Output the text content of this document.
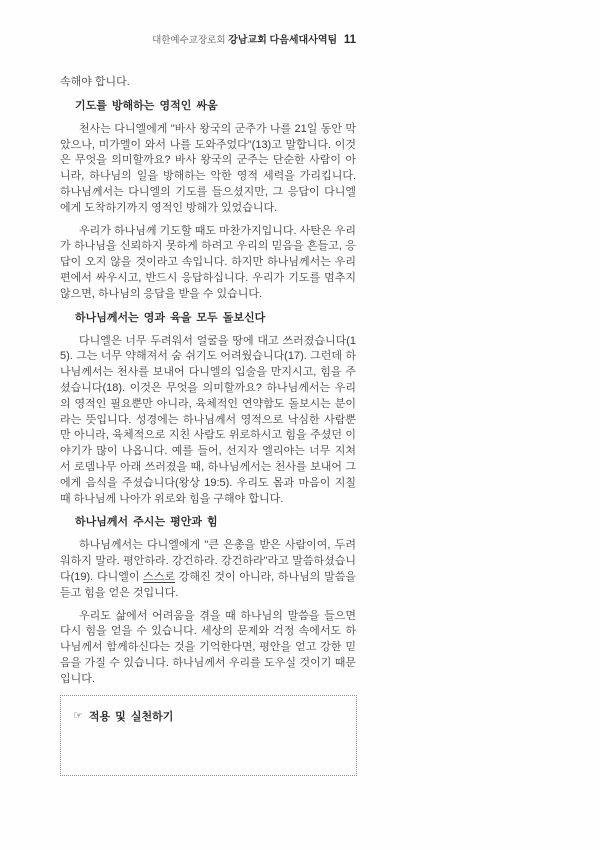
대한예수교장로회 강남교회 다음세대사역팀 11

속해야 합니다.

기도를 방해하는 영적인 싸움

천사는 다니엘에게 "바사 왕국의 군주가 나를 21일 동안 막았으나, 미가엘이 와서 나를 도와주었다"(13)고 말합니다. 이것은 무엇을 의미할까요? 바사 왕국의 군주는 단순한 사람이 아니라, 하나님의 일을 방해하는 악한 영적 세력을 가리킵니다. 하나님께서는 다니엘의 기도를 들으셨지만, 그 응답이 다니엘에게 도착하기까지 영적인 방해가 있었습니다.

우리가 하나님께 기도할 때도 마찬가지입니다. 사탄은 우리가 하나님을 신뢰하지 못하게 하려고 우리의 믿음을 흔들고, 응답이 오지 않을 것이라고 속입니다. 하지만 하나님께서는 우리 편에서 싸우시고, 반드시 응답하십니다. 우리가 기도를 멈추지 않으면, 하나님의 응답을 받을 수 있습니다.

하나님께서는 영과 육을 모두 돌보신다

다니엘은 너무 두려워서 얼굴을 땅에 대고 쓰러졌습니다(15). 그는 너무 약해져서 숨 쉬기도 어려웠습니다(17). 그런데 하나님께서는 천사를 보내어 다니엘의 입술을 만지시고, 힘을 주셨습니다(18). 이것은 무엇을 의미할까요? 하나님께서는 우리의 영적인 필요뿐만 아니라, 육체적인 연약함도 돌보시는 분이라는 뜻입니다. 성경에는 하나님께서 영적으로 낙심한 사람뿐만 아니라, 육체적으로 지친 사람도 위로하시고 힘을 주셨던 이야기가 많이 나옵니다. 예를 들어, 선지자 엘리야는 너무 지쳐서 로뎀나무 아래 쓰러졌을 때, 하나님께서는 천사를 보내어 그에게 음식을 주셨습니다(왕상 19:5). 우리도 몸과 마음이 지칠 때 하나님께 나아가 위로와 힘을 구해야 합니다.

하나님께서 주시는 평안과 힘

하나님께서는 다니엘에게 "큰 은총을 받은 사람이여, 두려워하지 말라. 평안하라. 강건하라. 강건하라"라고 말씀하셨습니다(19). 다니엘이 스스로 강해진 것이 아니라, 하나님의 말씀을 듣고 힘을 얻은 것입니다.

우리도 삶에서 어려움을 겪을 때 하나님의 말씀을 들으면 다시 힘을 얻을 수 있습니다. 세상의 문제와 걱정 속에서도 하나님께서 함께하신다는 것을 기억한다면, 평안을 얻고 강한 믿음을 가질 수 있습니다. 하나님께서 우리를 도우실 것이기 때문입니다.

☞ 적용 및 실천하기
